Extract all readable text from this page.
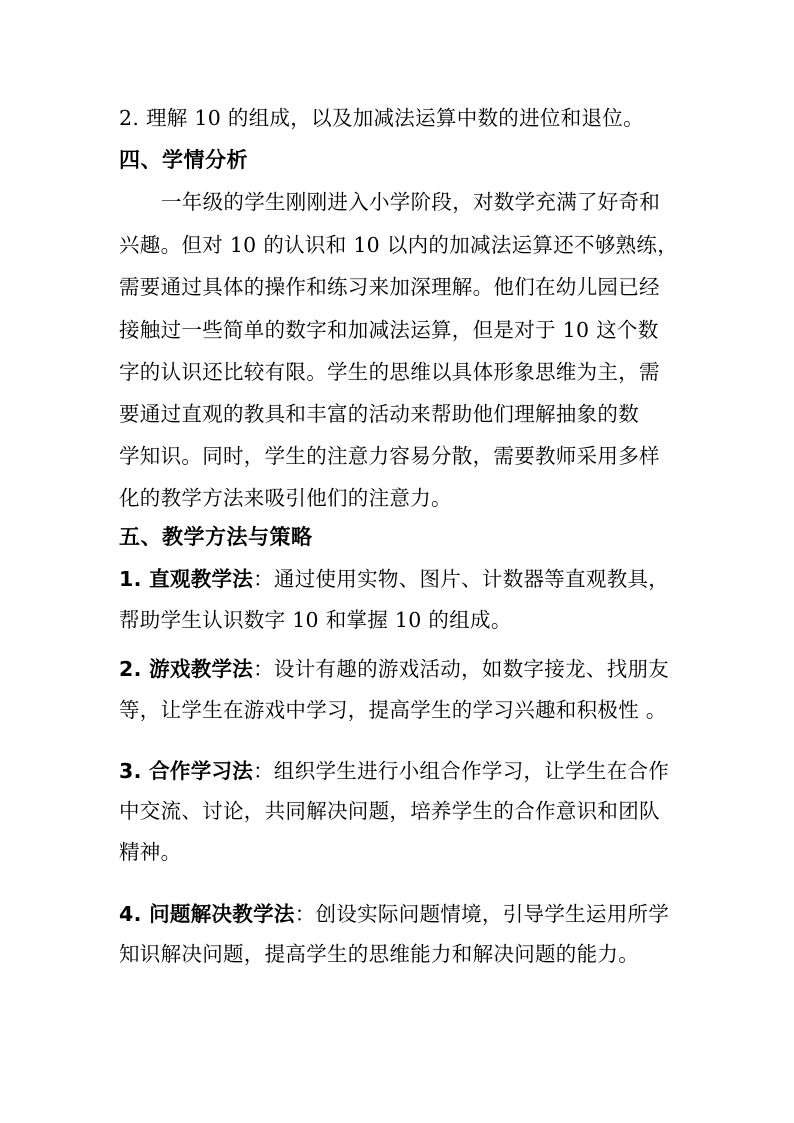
2. 理解 10 的组成，以及加减法运算中数的进位和退位。
四、学情分析
一年级的学生刚刚进入小学阶段，对数学充满了好奇和
兴趣。但对 10 的认识和 10 以内的加减法运算还不够熟练，
需要通过具体的操作和练习来加深理解。他们在幼儿园已经
接触过一些简单的数字和加减法运算，但是对于 10 这个数
字的认识还比较有限。学生的思维以具体形象思维为主，需
要通过直观的教具和丰富的活动来帮助他们理解抽象的数
学知识。同时，学生的注意力容易分散，需要教师采用多样
化的教学方法来吸引他们的注意力。
五、教学方法与策略
1. 直观教学法：通过使用实物、图片、计数器等直观教具，
帮助学生认识数字 10 和掌握 10 的组成。
2. 游戏教学法：设计有趣的游戏活动，如数字接龙、找朋友
等，让学生在游戏中学习，提高学生的学习兴趣和积极性 。
3. 合作学习法：组织学生进行小组合作学习，让学生在合作
中交流、讨论，共同解决问题，培养学生的合作意识和团队
精神。
4. 问题解决教学法：创设实际问题情境，引导学生运用所学
知识解决问题，提高学生的思维能力和解决问题的能力。
